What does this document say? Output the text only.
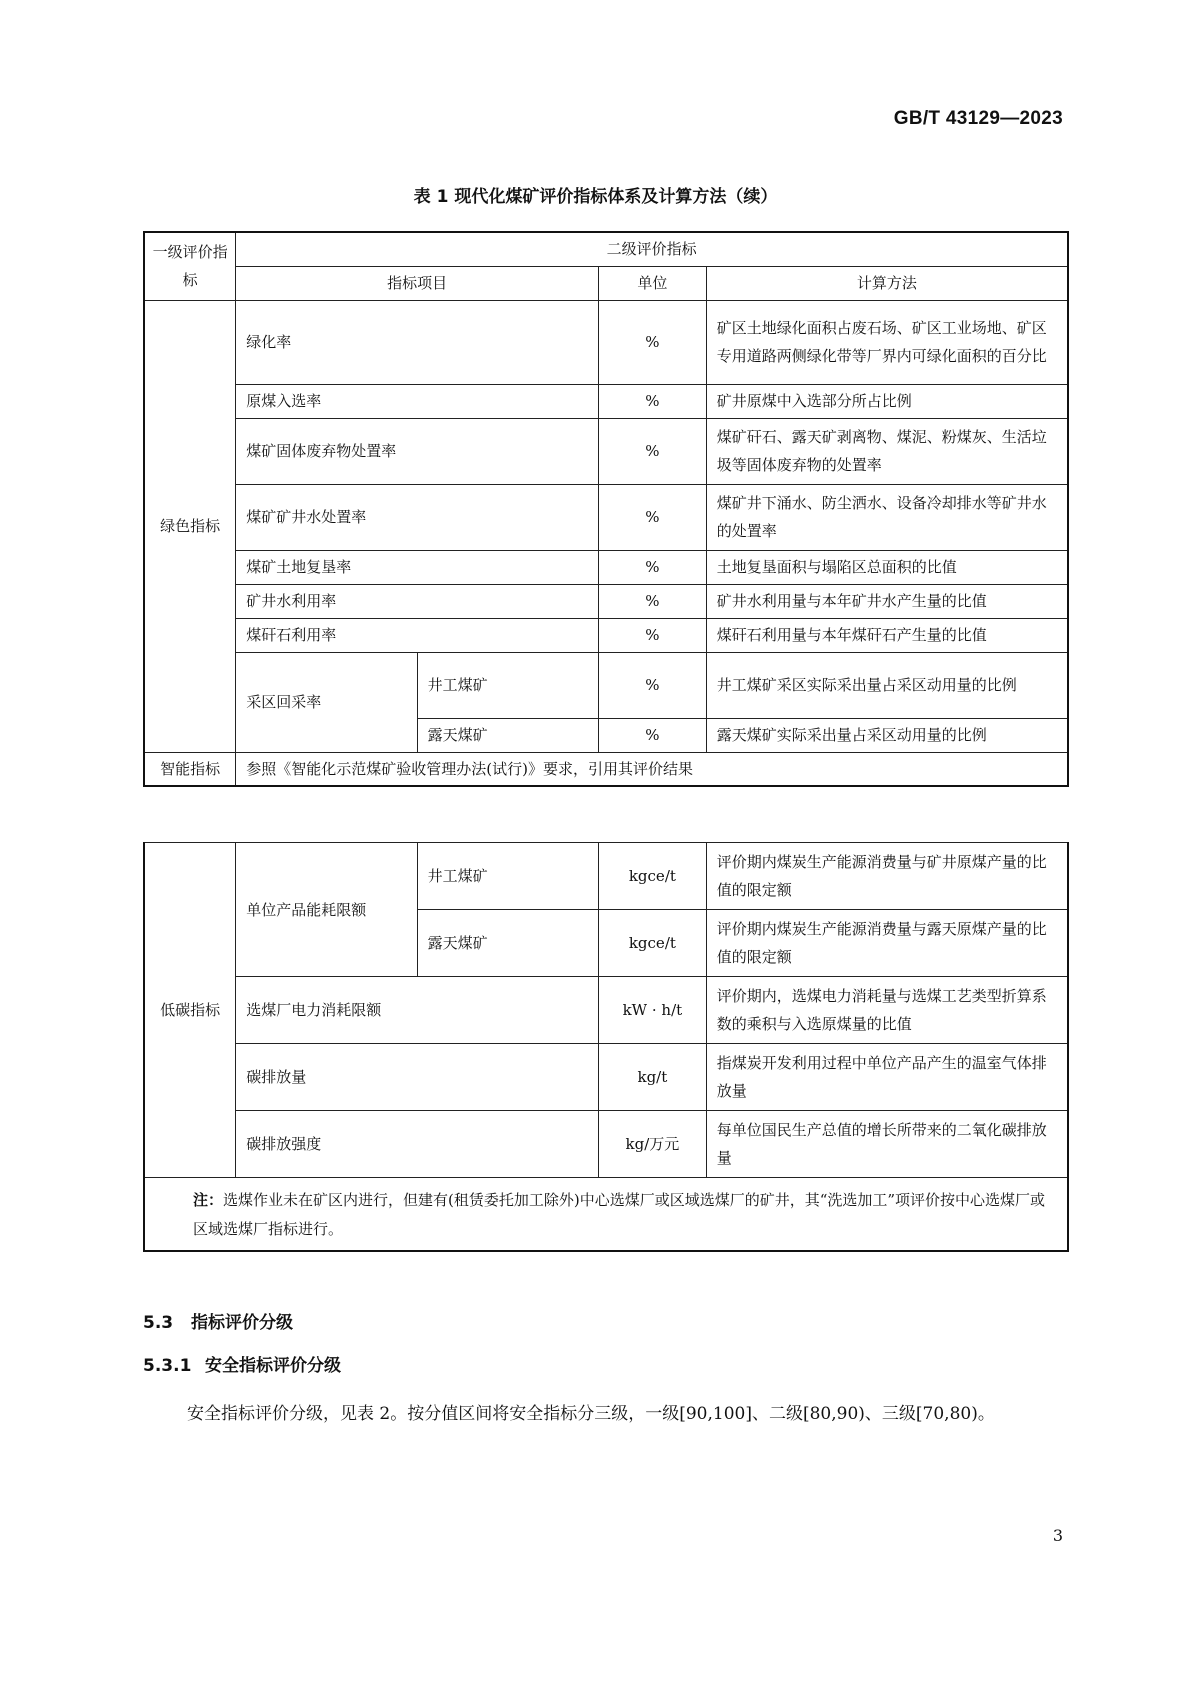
GB/T 43129—2023
表 1 现代化煤矿评价指标体系及计算方法（续）
一级评价指标	二级评价指标			
	指标项目		单位	计算方法
绿色指标	绿化率		%	矿区土地绿化面积占废石场、矿区工业场地、矿区专用道路两侧绿化带等厂界内可绿化面积的百分比
	原煤入选率		%	矿井原煤中入选部分所占比例
	煤矿固体废弃物处置率		%	煤矿矸石、露天矿剥离物、煤泥、粉煤灰、生活垃圾等固体废弃物的处置率
	煤矿矿井水处置率		%	煤矿井下涌水、防尘洒水、设备冷却排水等矿井水的处置率
	煤矿土地复垦率		%	土地复垦面积与塌陷区总面积的比值
	矿井水利用率		%	矿井水利用量与本年矿井水产生量的比值
	煤矸石利用率		%	煤矸石利用量与本年煤矸石产生量的比值
	采区回采率	井工煤矿	%	井工煤矿采区实际采出量占采区动用量的比例
		露天煤矿	%	露天煤矿实际采出量占采区动用量的比例
智能指标	参照《智能化示范煤矿验收管理办法(试行)》要求，引用其评价结果			
低碳指标	单位产品能耗限额	井工煤矿	kgce/t	评价期内煤炭生产能源消费量与矿井原煤产量的比值的限定额
		露天煤矿	kgce/t	评价期内煤炭生产能源消费量与露天原煤产量的比值的限定额
	选煤厂电力消耗限额		kW · h/t	评价期内，选煤电力消耗量与选煤工艺类型折算系数的乘积与入选原煤量的比值
	碳排放量		kg/t	指煤炭开发利用过程中单位产品产生的温室气体排放量
	碳排放强度		kg/万元	每单位国民生产总值的增长所带来的二氧化碳排放量
注：选煤作业未在矿区内进行，但建有(租赁委托加工除外)中心选煤厂或区域选煤厂的矿井，其“洗选加工”项评价按中心选煤厂或区域选煤厂指标进行。				
5.3 指标评价分级
5.3.1 安全指标评价分级
安全指标评价分级，见表 2。按分值区间将安全指标分三级，一级[90,100]、二级[80,90)、三级[70,80)。
3
